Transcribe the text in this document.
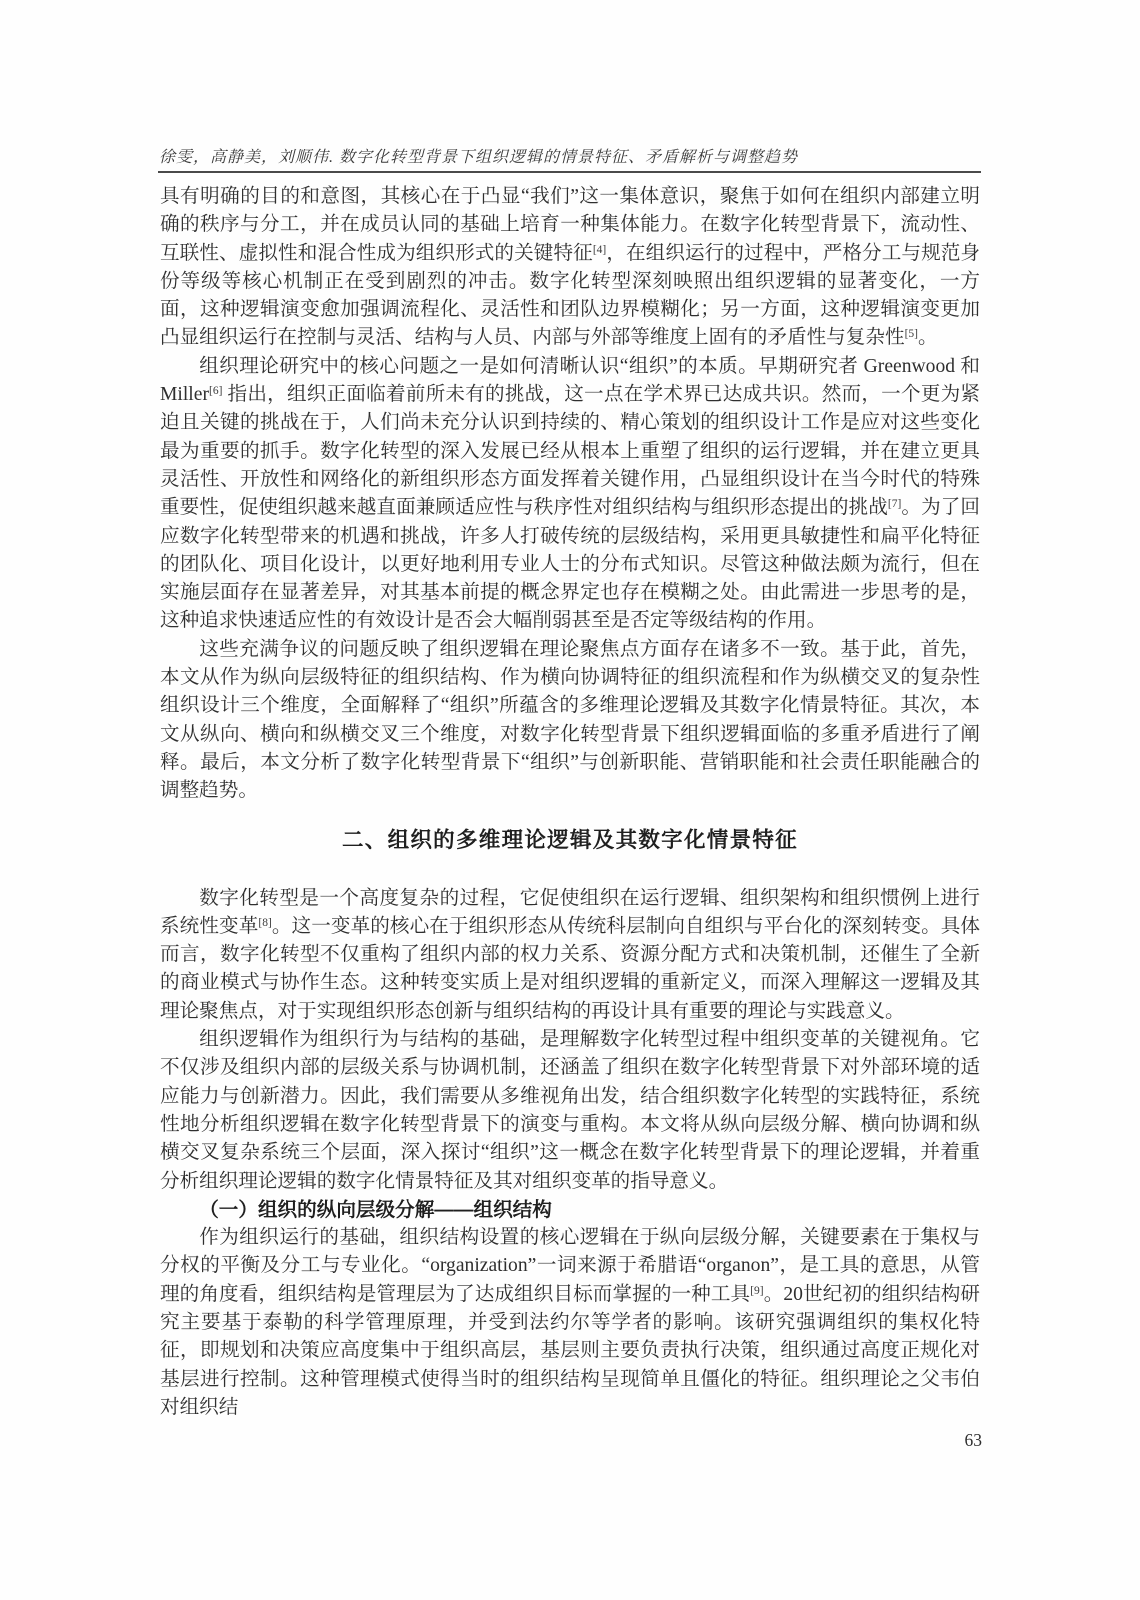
徐雯，高静美，刘顺伟. 数字化转型背景下组织逻辑的情景特征、矛盾解析与调整趋势

具有明确的目的和意图，其核心在于凸显“我们”这一集体意识，聚焦于如何在组织内部建立明确的秩序与分工，并在成员认同的基础上培育一种集体能力。在数字化转型背景下，流动性、互联性、虚拟性和混合性成为组织形式的关键特征[4]，在组织运行的过程中，严格分工与规范身份等级等核心机制正在受到剧烈的冲击。数字化转型深刻映照出组织逻辑的显著变化，一方面，这种逻辑演变愈加强调流程化、灵活性和团队边界模糊化；另一方面，这种逻辑演变更加凸显组织运行在控制与灵活、结构与人员、内部与外部等维度上固有的矛盾性与复杂性[5]。

组织理论研究中的核心问题之一是如何清晰认识“组织”的本质。早期研究者 Greenwood 和 Miller[6] 指出，组织正面临着前所未有的挑战，这一点在学术界已达成共识。然而，一个更为紧迫且关键的挑战在于，人们尚未充分认识到持续的、精心策划的组织设计工作是应对这些变化最为重要的抓手。数字化转型的深入发展已经从根本上重塑了组织的运行逻辑，并在建立更具灵活性、开放性和网络化的新组织形态方面发挥着关键作用，凸显组织设计在当今时代的特殊重要性，促使组织越来越直面兼顾适应性与秩序性对组织结构与组织形态提出的挑战[7]。为了回应数字化转型带来的机遇和挑战，许多人打破传统的层级结构，采用更具敏捷性和扁平化特征的团队化、项目化设计，以更好地利用专业人士的分布式知识。尽管这种做法颇为流行，但在实施层面存在显著差异，对其基本前提的概念界定也存在模糊之处。由此需进一步思考的是，这种追求快速适应性的有效设计是否会大幅削弱甚至是否定等级结构的作用。

这些充满争议的问题反映了组织逻辑在理论聚焦点方面存在诸多不一致。基于此，首先，本文从作为纵向层级特征的组织结构、作为横向协调特征的组织流程和作为纵横交叉的复杂性组织设计三个维度，全面解释了“组织”所蕴含的多维理论逻辑及其数字化情景特征。其次，本文从纵向、横向和纵横交叉三个维度，对数字化转型背景下组织逻辑面临的多重矛盾进行了阐释。最后，本文分析了数字化转型背景下“组织”与创新职能、营销职能和社会责任职能融合的调整趋势。

二、组织的多维理论逻辑及其数字化情景特征

数字化转型是一个高度复杂的过程，它促使组织在运行逻辑、组织架构和组织惯例上进行系统性变革[8]。这一变革的核心在于组织形态从传统科层制向自组织与平台化的深刻转变。具体而言，数字化转型不仅重构了组织内部的权力关系、资源分配方式和决策机制，还催生了全新的商业模式与协作生态。这种转变实质上是对组织逻辑的重新定义，而深入理解这一逻辑及其理论聚焦点，对于实现组织形态创新与组织结构的再设计具有重要的理论与实践意义。

组织逻辑作为组织行为与结构的基础，是理解数字化转型过程中组织变革的关键视角。它不仅涉及组织内部的层级关系与协调机制，还涵盖了组织在数字化转型背景下对外部环境的适应能力与创新潜力。因此，我们需要从多维视角出发，结合组织数字化转型的实践特征，系统性地分析组织逻辑在数字化转型背景下的演变与重构。本文将从纵向层级分解、横向协调和纵横交叉复杂系统三个层面，深入探讨“组织”这一概念在数字化转型背景下的理论逻辑，并着重分析组织理论逻辑的数字化情景特征及其对组织变革的指导意义。

（一）组织的纵向层级分解——组织结构

作为组织运行的基础，组织结构设置的核心逻辑在于纵向层级分解，关键要素在于集权与分权的平衡及分工与专业化。“organization”一词来源于希腊语“organon”，是工具的意思，从管理的角度看，组织结构是管理层为了达成组织目标而掌握的一种工具[9]。20世纪初的组织结构研究主要基于泰勒的科学管理原理，并受到法约尔等学者的影响。该研究强调组织的集权化特征，即规划和决策应高度集中于组织高层，基层则主要负责执行决策，组织通过高度正规化对基层进行控制。这种管理模式使得当时的组织结构呈现简单且僵化的特征。组织理论之父韦伯对组织结

63
